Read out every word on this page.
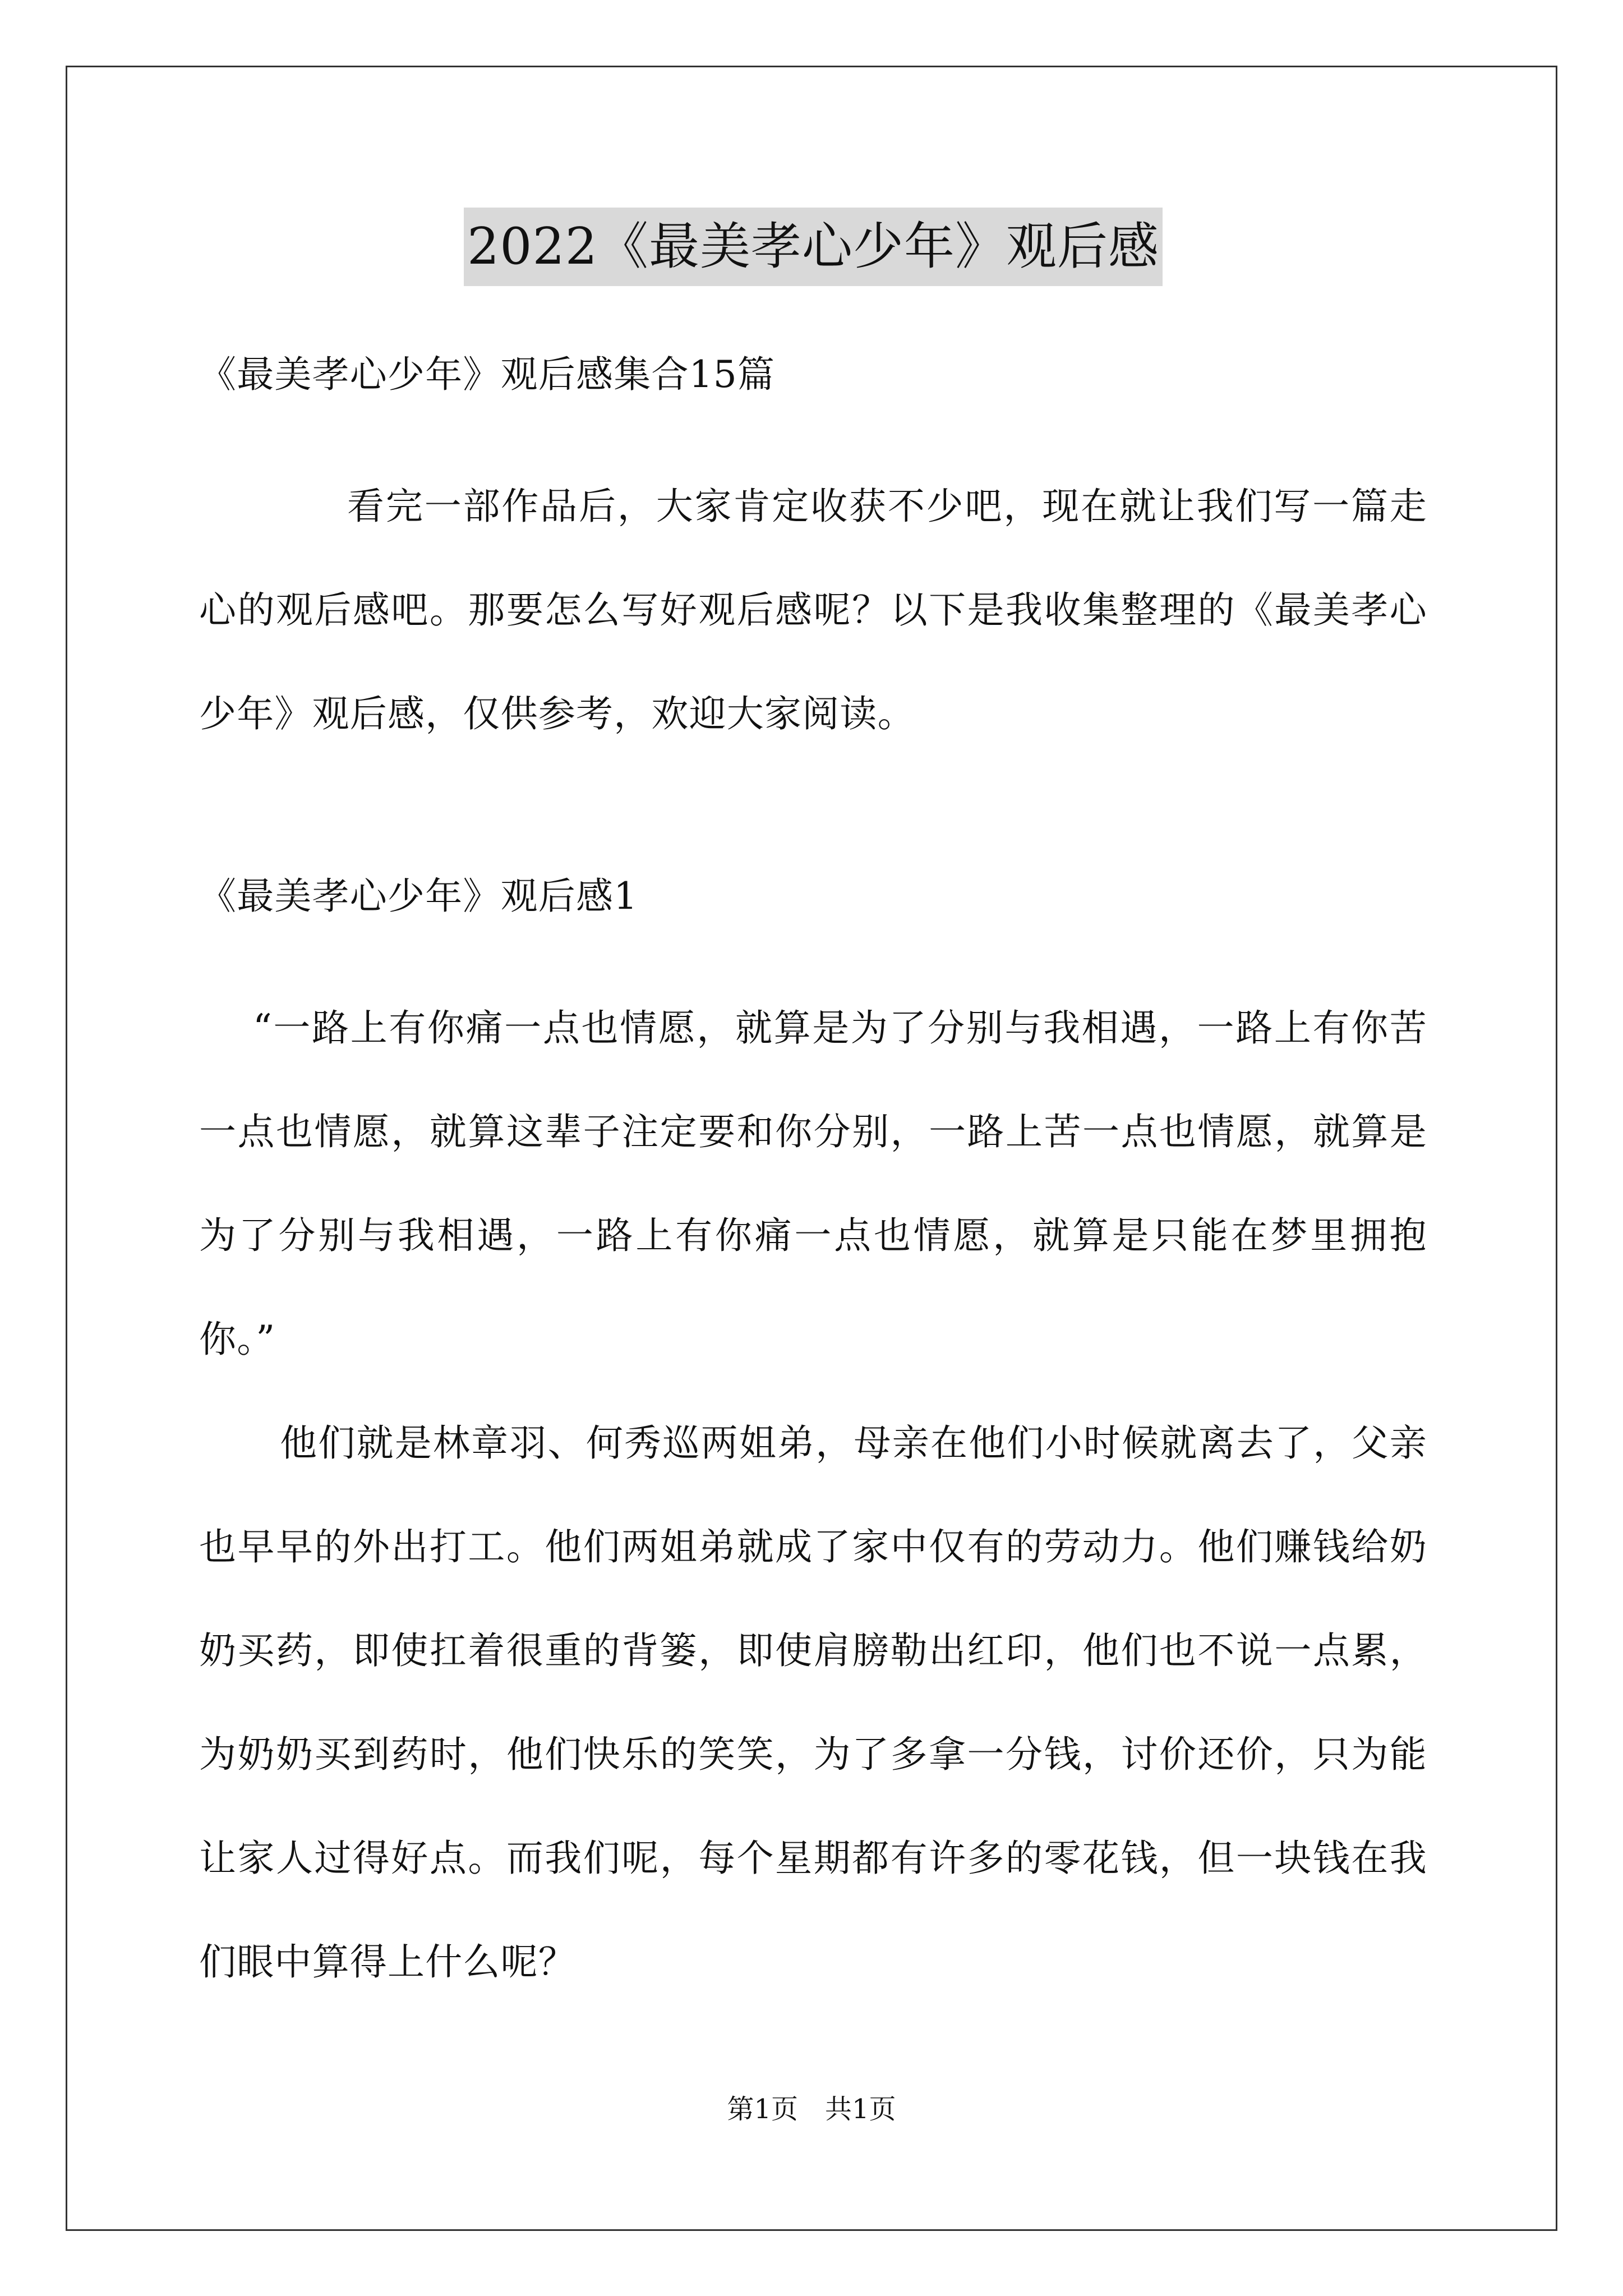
2022《最美孝心少年》观后感
《最美孝心少年》观后感集合15篇
看完一部作品后，大家肯定收获不少吧，现在就让我们写一篇走心的观后感吧。那要怎么写好观后感呢？以下是我收集整理的《最美孝心少年》观后感，仅供参考，欢迎大家阅读。
《最美孝心少年》观后感1
“一路上有你痛一点也情愿，就算是为了分别与我相遇，一路上有你苦一点也情愿，就算这辈子注定要和你分别，一路上苦一点也情愿，就算是为了分别与我相遇，一路上有你痛一点也情愿，就算是只能在梦里拥抱你。”
他们就是林章羽、何秀巡两姐弟，母亲在他们小时候就离去了，父亲也早早的外出打工。他们两姐弟就成了家中仅有的劳动力。他们赚钱给奶奶买药，即使扛着很重的背篓，即使肩膀勒出红印，他们也不说一点累，为奶奶买到药时，他们快乐的笑笑，为了多拿一分钱，讨价还价，只为能让家人过得好点。而我们呢，每个星期都有许多的零花钱，但一块钱在我们眼中算得上什么呢？
第1页　共1页
